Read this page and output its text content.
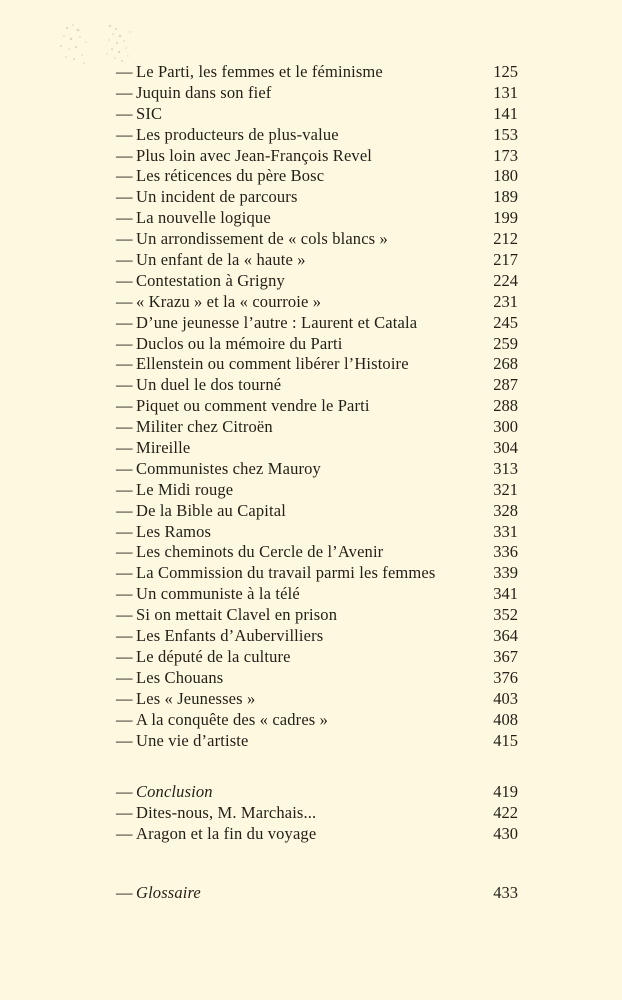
— Le Parti, les femmes et le féminisme	125
— Juquin dans son fief	131
— SIC	141
— Les producteurs de plus-value	153
— Plus loin avec Jean-François Revel	173
— Les réticences du père Bosc	180
— Un incident de parcours	189
— La nouvelle logique	199
— Un arrondissement de « cols blancs »	212
— Un enfant de la « haute »	217
— Contestation à Grigny	224
— « Krazu » et la « courroie »	231
— D’une jeunesse l’autre : Laurent et Catala	245
— Duclos ou la mémoire du Parti	259
— Ellenstein ou comment libérer l’Histoire	268
— Un duel le dos tourné	287
— Piquet ou comment vendre le Parti	288
— Militer chez Citroën	300
— Mireille	304
— Communistes chez Mauroy	313
— Le Midi rouge	321
— De la Bible au Capital	328
— Les Ramos	331
— Les cheminots du Cercle de l’Avenir	336
— La Commission du travail parmi les femmes	339
— Un communiste à la télé	341
— Si on mettait Clavel en prison	352
— Les Enfants d’Aubervilliers	364
— Le député de la culture	367
— Les Chouans	376
— Les « Jeunesses »	403
— A la conquête des « cadres »	408
— Une vie d’artiste	415
— Conclusion	419
— Dites-nous, M. Marchais...	422
— Aragon et la fin du voyage	430
— Glossaire	433
